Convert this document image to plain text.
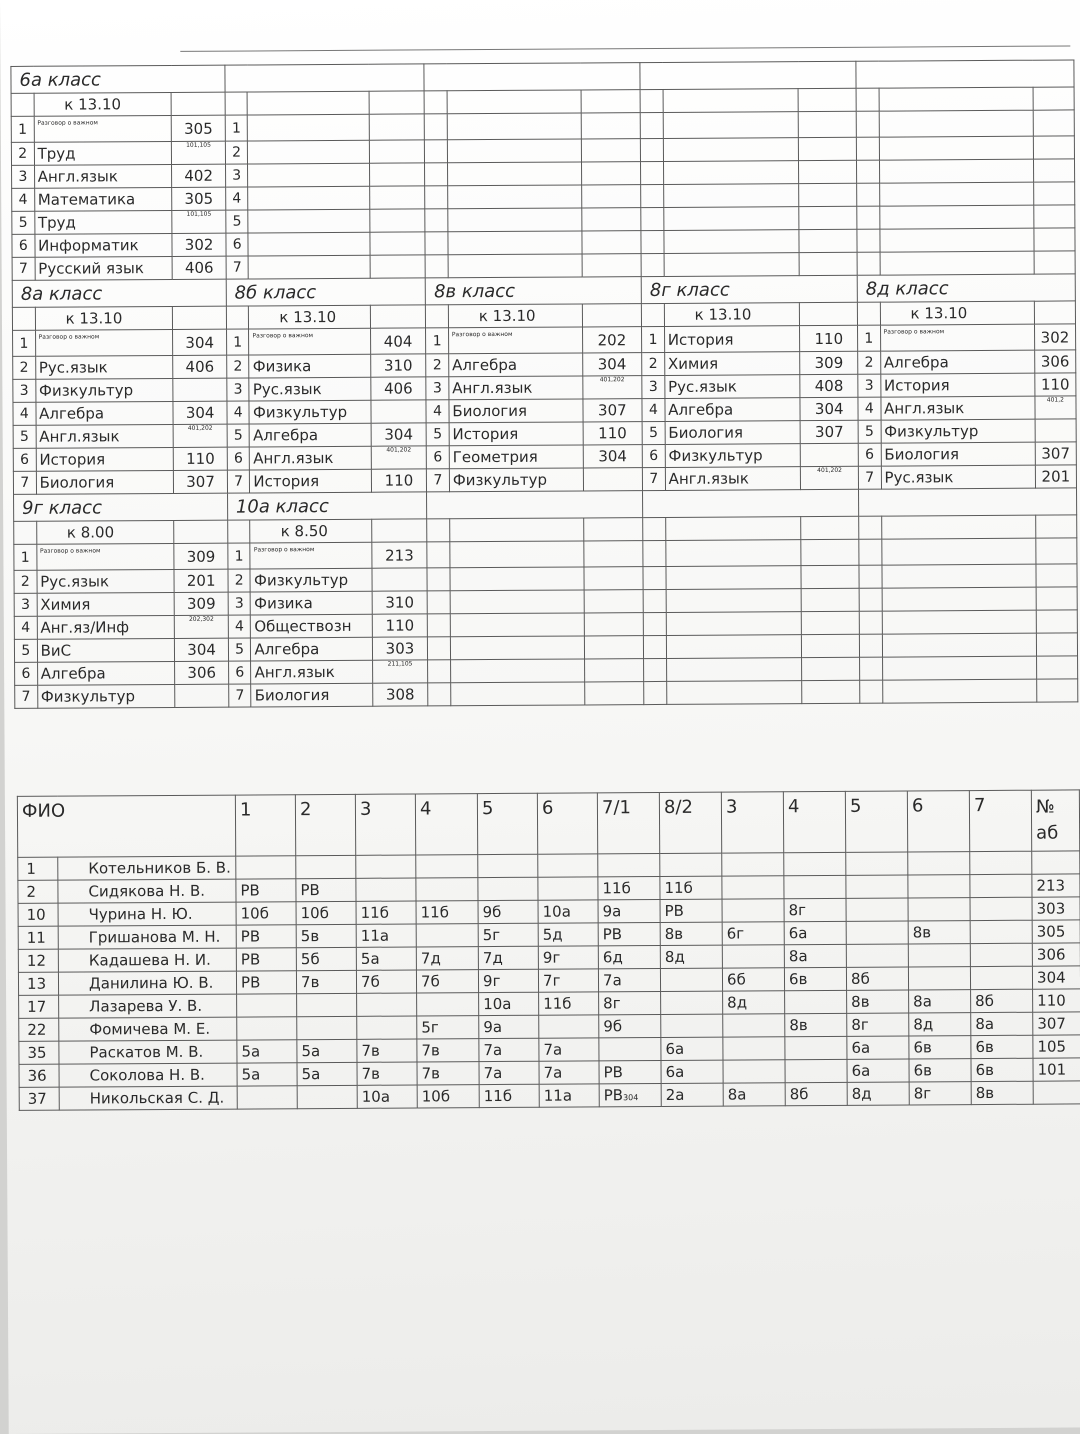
6а класс														
	к 13.10													
1	Разговор о важном	305	1											
2	Труд	101,105	2											
3	Англ.язык	402	3											
4	Математика	305	4											
5	Труд	101,105	5											
6	Информатик	302	6											
7	Русский язык	406	7											
8а класс			8б класс			8в класс			8г класс			8д класс		
	к 13.10			к 13.10			к 13.10			к 13.10			к 13.10	
1	Разговор о важном	304	1	Разговор о важном	404	1	Разговор о важном	202	1	История	110	1	Разговор о важном	302
2	Рус.язык	406	2	Физика	310	2	Алгебра	304	2	Химия	309	2	Алгебра	306
3	Физкультур		3	Рус.язык	406	3	Англ.язык	401,202	3	Рус.язык	408	3	История	110
4	Алгебра	304	4	Физкультур		4	Биология	307	4	Алгебра	304	4	Англ.язык	401,2
5	Англ.язык	401,202	5	Алгебра	304	5	История	110	5	Биология	307	5	Физкультур	
6	История	110	6	Англ.язык	401,202	6	Геометрия	304	6	Физкультур		6	Биология	307
7	Биология	307	7	История	110	7	Физкультур		7	Англ.язык	401,202	7	Рус.язык	201
9г класс			10а класс											
	к 8.00			к 8.50										
1	Разговор о важном	309	1	Разговор о важном	213									
2	Рус.язык	201	2	Физкультур										
3	Химия	309	3	Физика	310									
4	Анг.яз/Инф	202,302	4	Обществозн	110									
5	ВиС	304	5	Алгебра	303									
6	Алгебра	306	6	Англ.язык	211,105									
7	Физкультур		7	Биология	308									
ФИО		1	2	3	4	5	6	7/1	8/2	3	4	5	6	7	№
аб

1	Котельников Б. В.														
2	Сидякова Н. В.	РВ	РВ					11б	11б						213
10	Чурина Н. Ю.	10б	10б	11б	11б	9б	10а	9а	РВ		8г				303
11	Гришанова М. Н.	РВ	5в	11а		5г	5д	РВ	8в	6г	6а		8в		305
12	Кадашева Н. И.	РВ	5б	5а	7д	7д	9г	6д	8д		8а				306
13	Данилина Ю. В.	РВ	7в	7б	7б	9г	7г	7а		6б	6в	8б			304
17	Лазарева У. В.					10а	11б	8г		8д		8в	8а	8б	110
22	Фомичева М. Е.				5г	9а		9б			8в	8г	8д	8а	307
35	Раскатов М. В.	5а	5а	7в	7в	7а	7а		6а			6а	6в	6в	105
36	Соколова Н. В.	5а	5а	7в	7в	7а	7а	РВ	6а			6а	6в	6в	101
37	Никольская С. Д.			10а	10б	11б	11а	РВ304	2а	8а	8б	8д	8г	8в	
